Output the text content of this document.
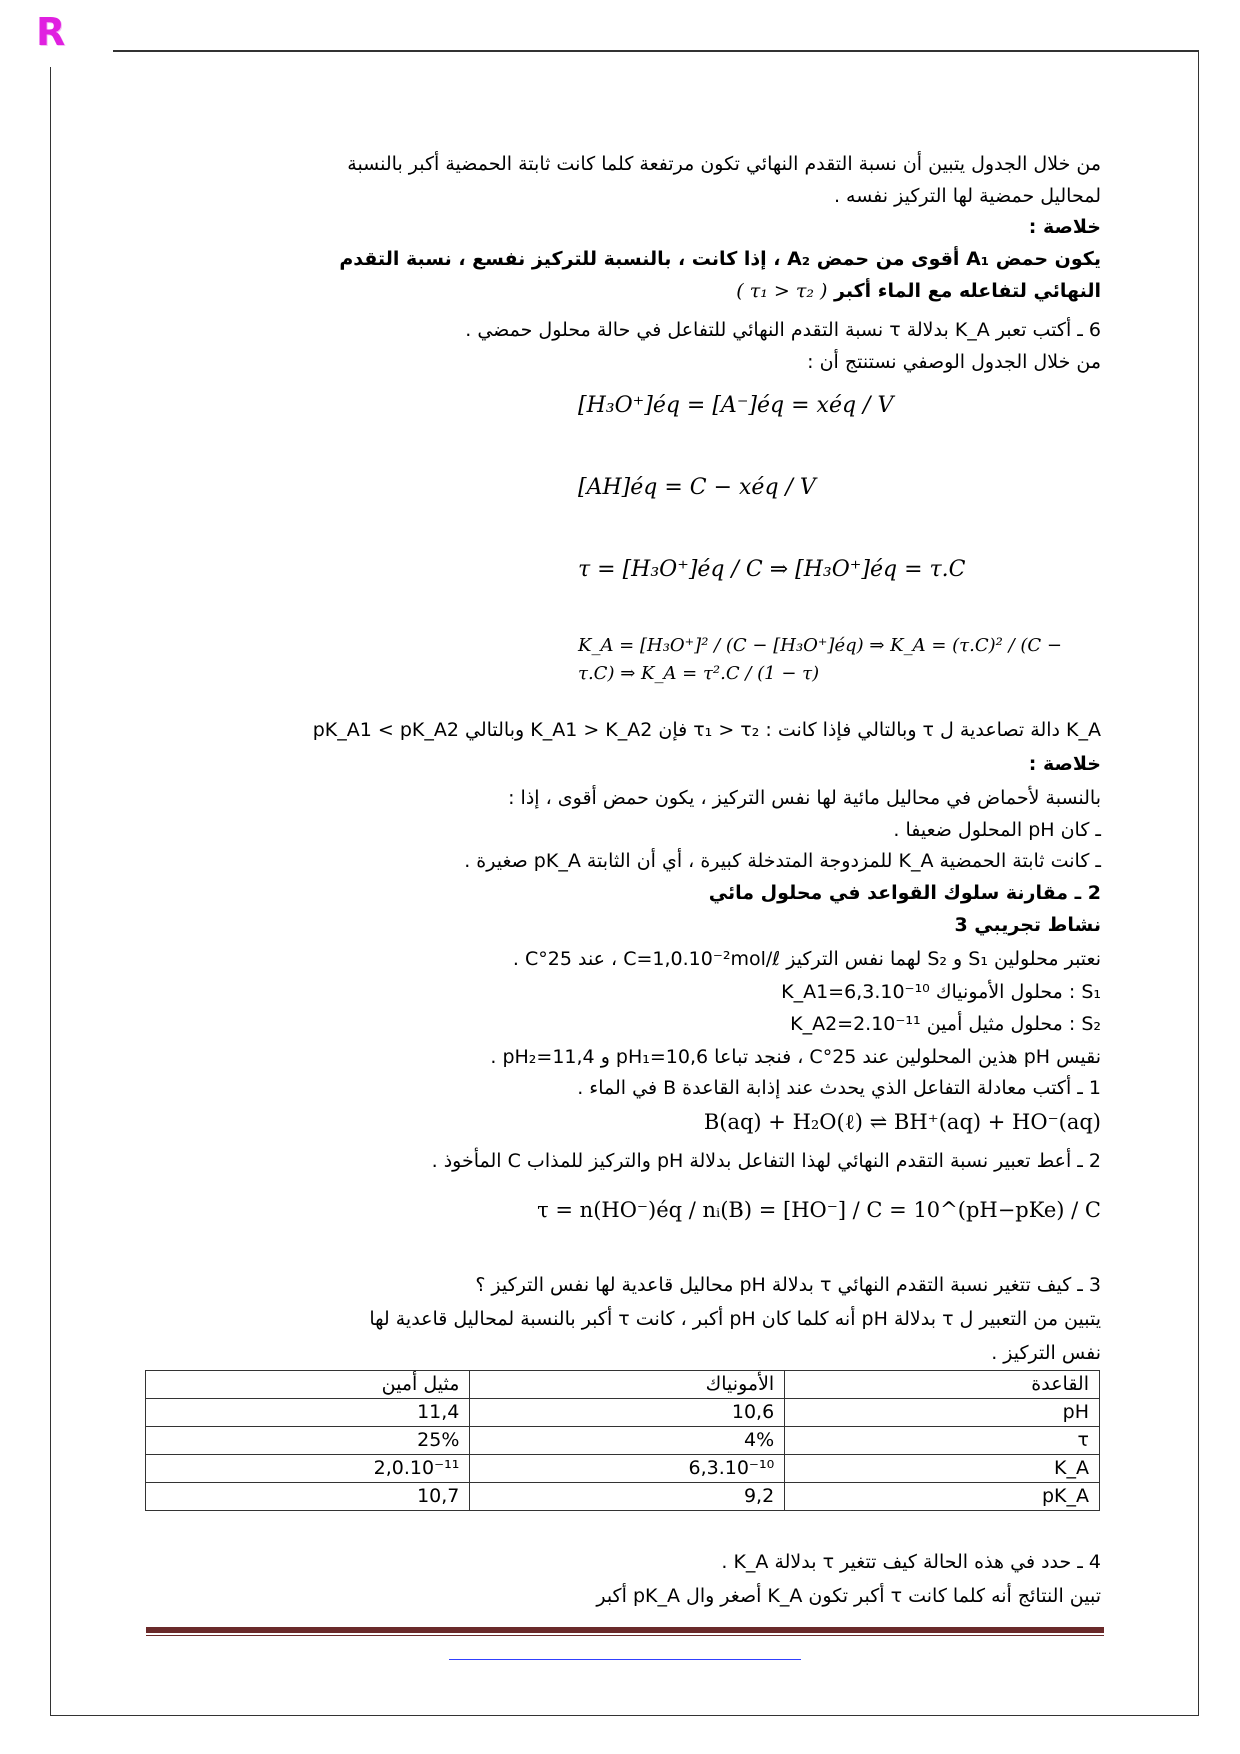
R
من خلال الجدول يتبين أن نسبة التقدم النهائي تكون مرتفعة كلما كانت ثابتة الحمضية أكبر بالنسبة
لمحاليل حمضية لها التركيز نفسه .
خلاصة :
يكون حمض A₁ أقوى من حمض A₂ ، إذا كانت ، بالنسبة للتركيز نفسع ، نسبة التقدم
النهائي لتفاعله مع الماء أكبر ( τ₁ > τ₂ )
6 ـ أكتب تعبر K_A بدلالة τ نسبة التقدم النهائي للتفاعل في حالة محلول حمضي .
من خلال الجدول الوصفي نستنتج أن :
[H₃O⁺]éq = [A⁻]éq = xéq / V
[AH]éq = C − xéq / V
τ = [H₃O⁺]éq / C ⇒ [H₃O⁺]éq = τ.C
K_A = [H₃O⁺]² / (C − [H₃O⁺]éq) ⇒ K_A = (τ.C)² / (C − τ.C) ⇒ K_A = τ².C / (1 − τ)
K_A دالة تصاعدية ل τ وبالتالي فإذا كانت : τ₁ > τ₂ فإن K_A1 > K_A2 وبالتالي pK_A1 < pK_A2
خلاصة :
بالنسبة لأحماض في محاليل مائية لها نفس التركيز ، يكون حمض أقوى ، إذا :
ـ كان pH المحلول ضعيفا .
ـ كانت ثابتة الحمضية K_A للمزدوجة المتدخلة كبيرة ، أي أن الثابتة pK_A صغيرة .
2 ـ مقارنة سلوك القواعد في محلول مائي
نشاط تجريبي 3
نعتبر محلولين S₁ و S₂ لهما نفس التركيز C=1,0.10⁻²mol/ℓ ، عند 25°C .
S₁ : محلول الأمونياك K_A1=6,3.10⁻¹⁰
S₂ : محلول مثيل أمين K_A2=2.10⁻¹¹
نقيس pH هذين المحلولين عند 25°C ، فنجد تباعا pH₁=10,6 و pH₂=11,4 .
1 ـ أكتب معادلة التفاعل الذي يحدث عند إذابة القاعدة B في الماء .
B(aq) + H₂O(ℓ) ⇌ BH⁺(aq) + HO⁻(aq)
2 ـ أعط تعبير نسبة التقدم النهائي لهذا التفاعل بدلالة pH والتركيز للمذاب C المأخوذ .
τ = n(HO⁻)éq / nᵢ(B) = [HO⁻] / C = 10^(pH−pKe) / C
3 ـ كيف تتغير نسبة التقدم النهائي τ بدلالة pH محاليل قاعدية لها نفس التركيز ؟
يتبين من التعبير ل τ بدلالة pH أنه كلما كان pH أكبر ، كانت τ أكبر بالنسبة لمحاليل قاعدية لها
نفس التركيز .
القاعدة	الأمونياك	مثيل أمين
pH	10,6	11,4
τ	4%	25%
K_A	6,3.10⁻¹⁰	2,0.10⁻¹¹
pK_A	9,2	10,7
4 ـ حدد في هذه الحالة كيف تتغير τ بدلالة K_A .
تبين النتائج أنه كلما كانت τ أكبر تكون K_A أصغر وال pK_A أكبر
